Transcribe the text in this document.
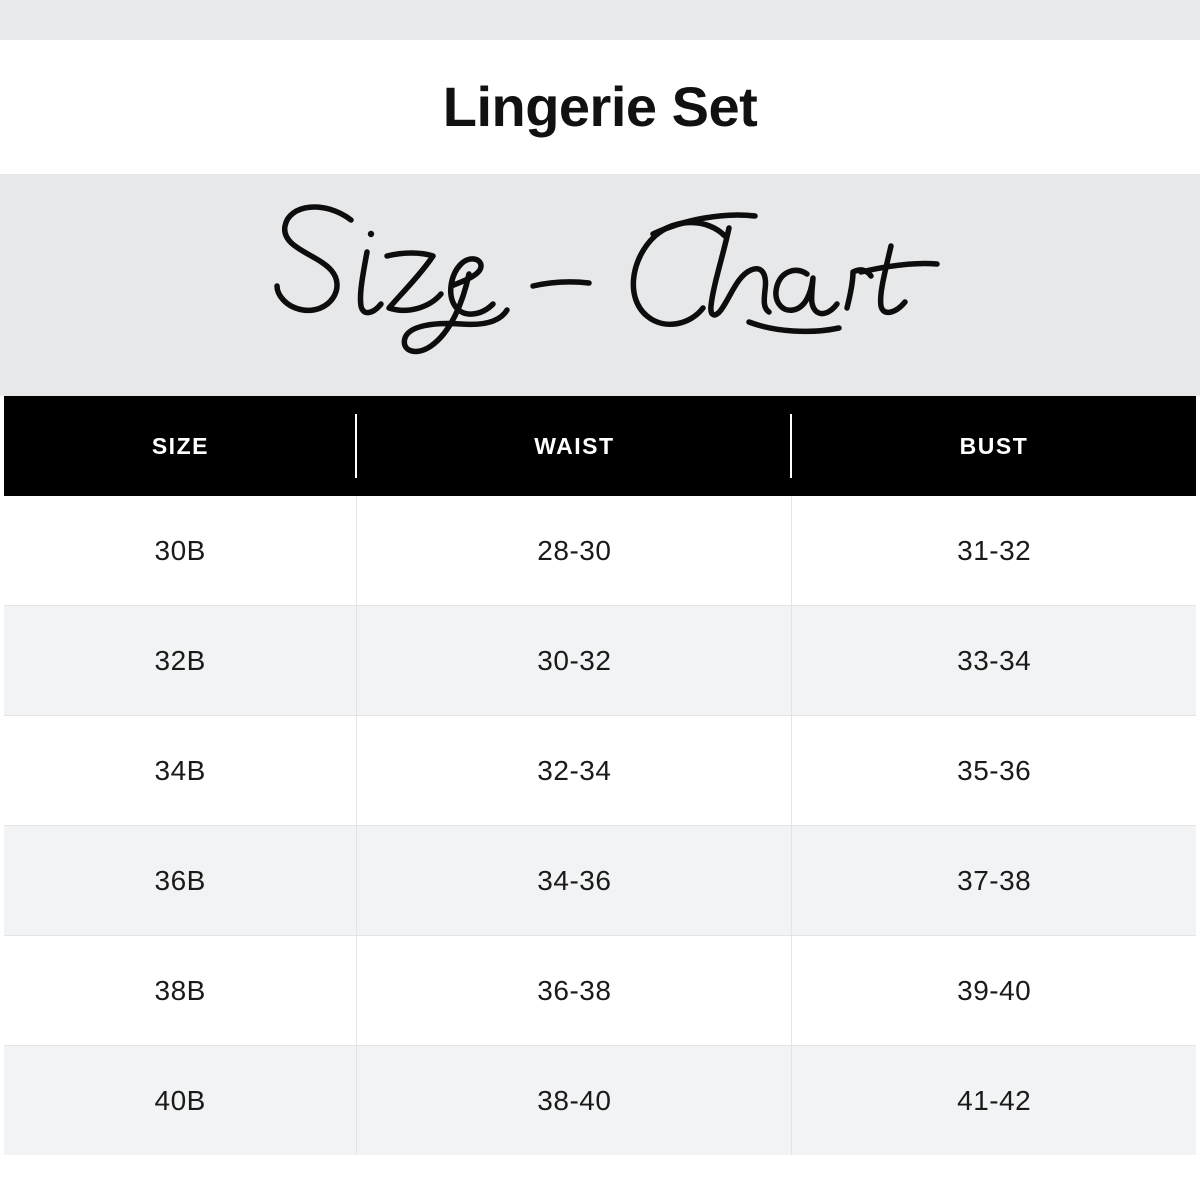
Lingerie Set
SIZE	WAIST	BUST
30B	28-30	31-32
32B	30-32	33-34
34B	32-34	35-36
36B	34-36	37-38
38B	36-38	39-40
40B	38-40	41-42
